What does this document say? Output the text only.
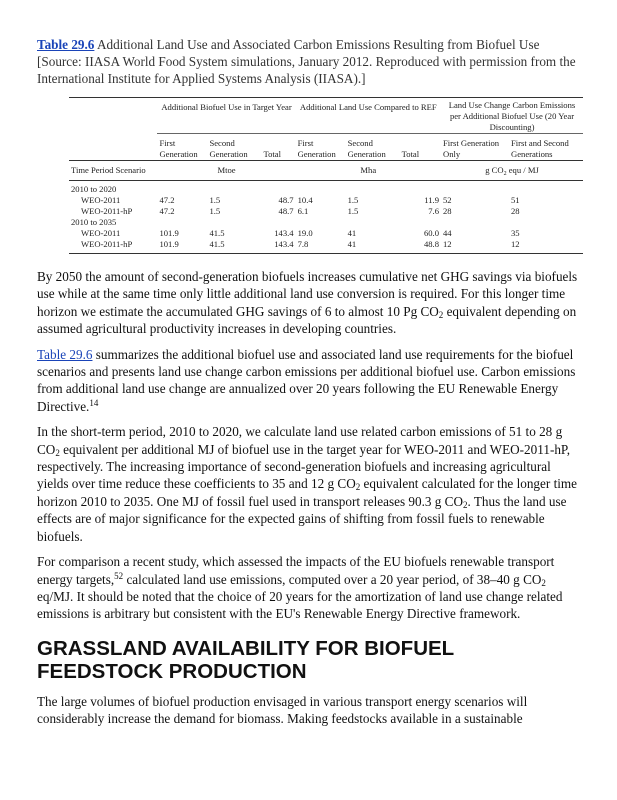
Table 29.6 Additional Land Use and Associated Carbon Emissions Resulting from Biofuel Use [Source: IIASA World Food System simulations, January 2012. Reproduced with permission from the International Institute for Applied Systems Analysis (IIASA).]

	Additional Biofuel Use in Target Year			Additional Land Use Compared to REF			Land Use Change Carbon Emissions per Additional Biofuel Use (20 Year Discounting)	
	First Generation	Second Generation	Total	First Generation	Second Generation	Total	First Generation Only	First and Second Generations
Time Period Scenario	Mtoe			Mha			g $CO_2$ equ / MJ	
2010 to 2020								
WEO-2011	47.2	1.5	48.7	10.4	1.5	11.9	52	51
WEO-2011-hP	47.2	1.5	48.7	6.1	1.5	7.6	28	28
2010 to 2035								
WEO-2011	101.9	41.5	143.4	19.0	41	60.0	44	35
WEO-2011-hP	101.9	41.5	143.4	7.8	41	48.8	12	12

By 2050 the amount of second-generation biofuels increases cumulative net GHG savings via biofuels use while at the same time only little additional land use conversion is required. For this longer time horizon we estimate the accumulated GHG savings of 6 to almost 10 Pg $CO_2$ equivalent depending on assumed agricultural productivity increases in developing countries.

Table 29.6 summarizes the additional biofuel use and associated land use requirements for the biofuel scenarios and presents land use change carbon emissions per additional biofuel use. Carbon emissions from additional land use change are annualized over 20 years following the EU Renewable Energy Directive.$^{14}$

In the short-term period, 2010 to 2020, we calculate land use related carbon emissions of 51 to 28 g $CO_2$ equivalent per additional MJ of biofuel use in the target year for WEO-2011 and WEO-2011-hP, respectively. The increasing importance of second-generation biofuels and increasing agricultural yields over time reduce these coefficients to 35 and 12 g $CO_2$ equivalent calculated for the longer time horizon 2010 to 2035. One MJ of fossil fuel used in transport releases 90.3 g $CO_2$. Thus the land use effects are of major significance for the expected gains of shifting from fossil fuels to renewable biofuels.

For comparison a recent study, which assessed the impacts of the EU biofuels renewable transport energy targets,$^{52}$ calculated land use emissions, computed over a 20 year period, of 38–40 g $CO_2$ eq/MJ. It should be noted that the choice of 20 years for the amortization of land use change related emissions is arbitrary but consistent with the EU's Renewable Energy Directive framework.

GRASSLAND AVAILABILITY FOR BIOFUEL FEEDSTOCK PRODUCTION

The large volumes of biofuel production envisaged in various transport energy scenarios will considerably increase the demand for biomass. Making feedstocks available in a sustainable
